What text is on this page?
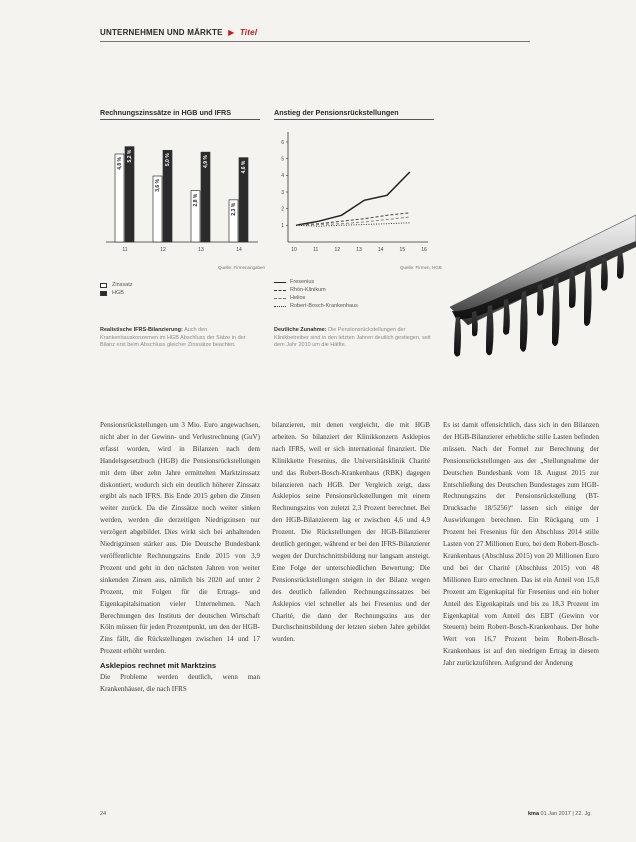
UNTERNEHMEN UND MÄRKTE ▶ Titel
Rechnungszinssätze in HGB und IFRS
4,8 %
5,2 %
11
3,6 %
5,0 %
12
2,8 %
4,9 %
13
2,3 %
4,6 %
14
Quelle: Firmenangaben
Zinssatz
HGB
Realistische IFRS-Bilanzierung: Auch den Krankenhauskonzernen im HGB Abschluss der Sätze in der Bilanz erst beim Abschluss gleicher Zinssätze beachtet.
Anstieg der Pensionsrückstellungen
1
2
3
4
5
6
10	11	12	13	14	15	16
Quelle: Firmen, HGB
Fresenius
Rhön-Klinikum
Helios
Robert-Bosch-Krankenhaus
Deutliche Zunahme: Die Pensionsrückstellungen der Klinikbetreiber sind in den letzten Jahren deutlich gestiegen, seit dem Jahr 2010 um die Hälfte.

Pensionsrückstellungen um 3 Mio. Euro angewachsen, nicht aber in der Gewinn- und Verlustrechnung (GuV) erfasst worden, wird in Bilanzen nach dem Handelsgesetzbuch (HGB) die Pensionsrückstellungen mit dem über zehn Jahre ermittelten Marktzinssatz diskontiert, wodurch sich ein deutlich höherer Zinssatz ergibt als nach IFRS. Bis Ende 2015 gehen die Zinsen weiter zurück. Da die Zinssätze noch weiter sinken werden, werden die derzeitigen Niedrigzinsen nur verzögert abgebildet. Dies wirkt sich bei anhaltenden Niedrigzinsen stärker aus. Die Deutsche Bundesbank veröffentlichte Rechnungszins Ende 2015 von 3,9 Prozent und geht in den nächsten Jahren von weiter sinkenden Zinsen aus, nämlich bis 2020 auf unter 2 Prozent, mit Folgen für die Ertrags- und Eigenkapitalsituation vieler Unternehmen. Nach Berechnungen des Instituts der deutschen Wirtschaft Köln müssen für jeden Prozentpunkt, um den der HGB-Zins fällt, die Rückstellungen zwischen 14 und 17 Prozent erhöht werden.

Asklepios rechnet mit Marktzins

Die Probleme werden deutlich, wenn man Krankenhäuser, die nach IFRS

bilanzieren, mit denen vergleicht, die mit HGB arbeiten. So bilanziert der Klinikkonzern Asklepios nach IFRS, weil er sich international finanziert. Die Klinikkette Fresenius, die Universitätsklinik Charité und das Robert-Bosch-Krankenhaus (RBK) dagegen bilanzieren nach HGB. Der Vergleich zeigt, dass Asklepios seine Pensionsrückstellungen mit einem Rechnungszins von zuletzt 2,3 Prozent berechnet. Bei den HGB-Bilanzierern lag er zwischen 4,6 und 4,9 Prozent. Die Rückstellungen der HGB-Bilanzierer deutlich geringer, während er bei den IFRS-Bilanzierer wegen der Durchschnittsbildung nur langsam ansteigt. Eine Folge der unterschiedlichen Bewertung: Die Pensionsrückstellungen steigen in der Bilanz wegen des deutlich fallenden Rechnungszinssatzes bei Asklepios viel schneller als bei Fresenius und der Charité, die dann der Rechnungszins aus der Durchschnittsbildung der letzten sieben Jahre gebildet wurden.

Es ist damit offensichtlich, dass sich in den Bilanzen der HGB-Bilanzierer erhebliche stille Lasten befinden müssen. Nach der Formel zur Berechnung der Pensionsrückstellungen aus der „Stellungnahme der Deutschen Bundesbank vom 18. August 2015 zur Entschließung des Deutschen Bundestages zum HGB-Rechnungszins der Pensionsrückstellung (BT-Drucksache 18/5256)“ lassen sich einige der Auswirkungen berechnen. Ein Rückgang um 1 Prozent bei Fresenius für den Abschluss 2014 stille Lasten von 27 Millionen Euro, bei dem Robert-Bosch-Krankenhaus (Abschluss 2015) von 20 Millionen Euro und bei der Charité (Abschluss 2015) von 48 Millionen Euro errechnen. Das ist ein Anteil von 15,8 Prozent am Eigenkapital für Fresenius und ein hoher Anteil des Eigenkapitals und bis zu 18,3 Prozent im Eigenkapital vom Anteil des EBT (Gewinn vor Steuern) beim Robert-Bosch-Krankenhaus. Der hohe Wert von 16,7 Prozent beim Robert-Bosch-Krankenhaus ist auf den niedrigen Ertrag in diesem Jahr zurückzuführen. Aufgrund der Änderung

24	kma 01 Jan 2017 | 22. Jg.
